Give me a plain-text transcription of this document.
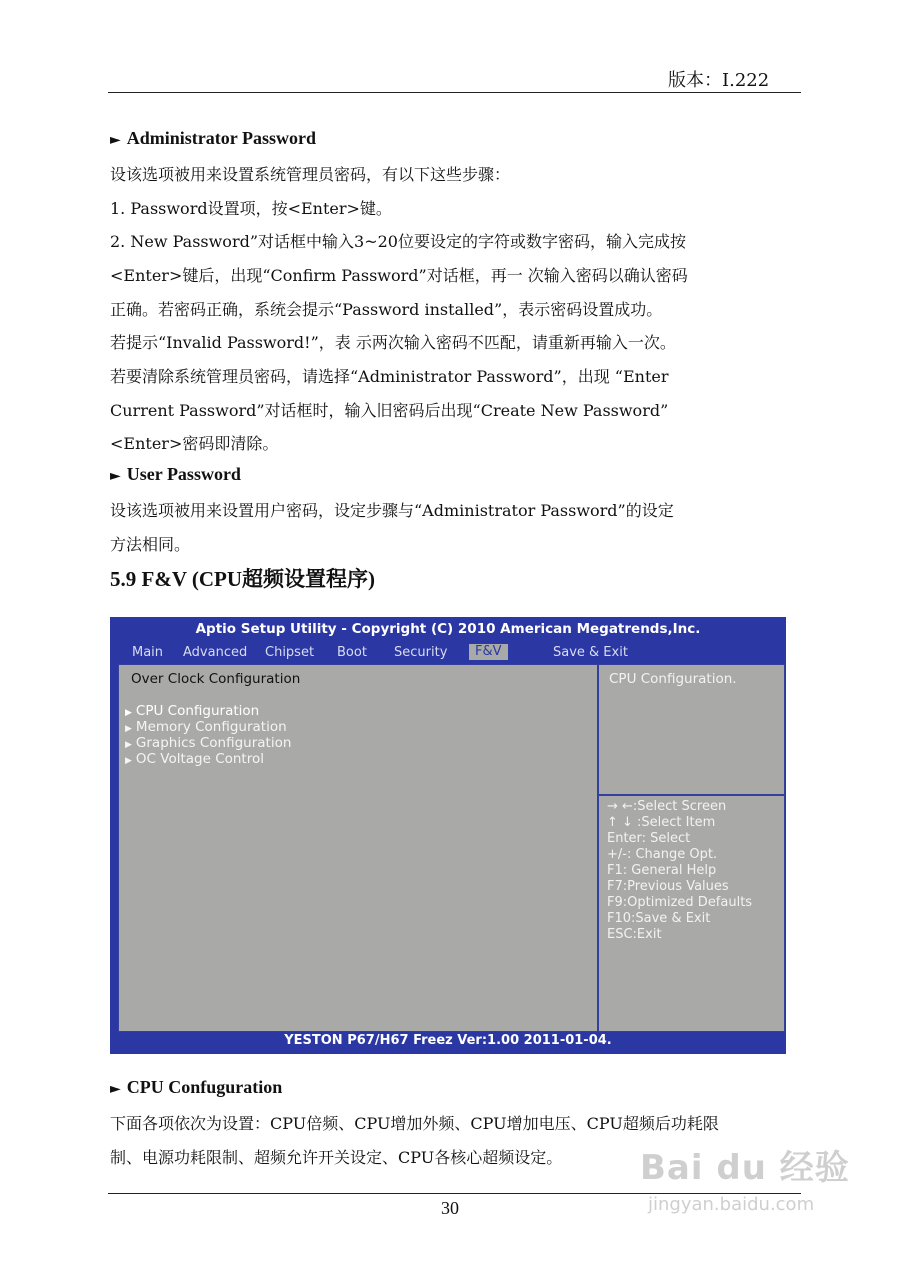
版本：I.222
► Administrator Password
设该选项被用来设置系统管理员密码，有以下这些步骤：
1. Password设置项，按<Enter>键。
2. New Password”对话框中输入3~20位要设定的字符或数字密码，输入完成按
<Enter>键后，出现“Confirm Password”对话框，再一 次输入密码以确认密码
正确。若密码正确，系统会提示“Password installed”，表示密码设置成功。
若提示“Invalid Password!”，表 示两次输入密码不匹配，请重新再输入一次。
若要清除系统管理员密码，请选择“Administrator Password”，出现 “Enter
Current Password”对话框时，输入旧密码后出现“Create New Password”
<Enter>密码即清除。
► User Password
设该选项被用来设置用户密码，设定步骤与“Administrator Password”的设定
方法相同。
5.9 F&V (CPU超频设置程序)
Aptio Setup Utility - Copyright (C) 2010 American Megatrends,Inc.
Main Advanced Chipset Boot Security	F&V	Save & Exit
Over Clock Configuration
▶ CPU Configuration
▶ Memory Configuration
▶ Graphics Configuration
▶ OC Voltage Control
CPU Configuration.
→ ←:Select Screen
↑ ↓ :Select Item
Enter: Select
+/-: Change Opt.
F1: General Help
F7:Previous Values
F9:Optimized Defaults
F10:Save & Exit
ESC:Exit
YESTON P67/H67 Freez Ver:1.00 2011-01-04.
► CPU Confuguration
下面各项依次为设置：CPU倍频、CPU增加外频、CPU增加电压、CPU超频后功耗限
制、电源功耗限制、超频允许开关设定、CPU各核心超频设定。
30
Bai du 经验
jingyan.baidu.com
